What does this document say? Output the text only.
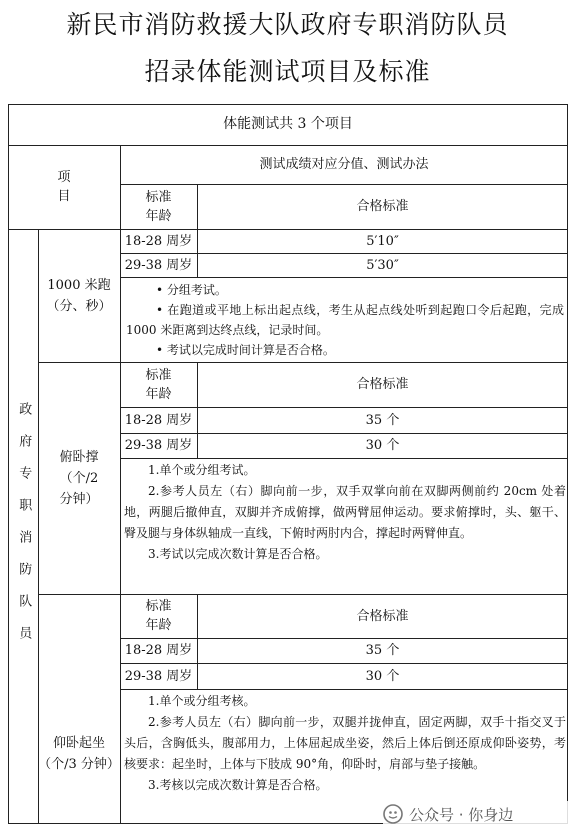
新民市消防救援大队政府专职消防队员
招录体能测试项目及标准
体能测试共 3 个项目
项
目
测试成绩对应分值、测试办法
标准
年龄
合格标准
政府专职消防队员
1000 米跑
（分、秒）
18-28 周岁	5′10″
29-38 周岁	5′30″

• 分组考试。

• 在跑道或平地上标出起点线，考生从起点线处听到起跑口令后起跑，完成1000 米距离到达终点线，记录时间。

• 考试以完成时间计算是否合格。

俯卧撑
（个/2 分钟）
标准
年龄
合格标准
18-28 周岁	35 个
29-38 周岁	30 个

1.单个或分组考试。

2.参考人员左（右）脚向前一步，双手双掌向前在双脚两侧前约 20cm 处着地，两腿后撤伸直，双脚并齐成俯撑，做两臂屈伸运动。要求俯撑时，头、躯干、臀及腿与身体纵轴成一直线，下俯时两肘内合，撑起时两臂伸直。

3.考试以完成次数计算是否合格。

仰卧起坐
（个/3 分钟）
标准
年龄
合格标准
18-28 周岁	35 个
29-38 周岁	30 个

1.单个或分组考核。

2.参考人员左（右）脚向前一步，双腿并拢伸直，固定两脚，双手十指交叉于头后，含胸低头，腹部用力，上体屈起成坐姿，然后上体后倒还原成仰卧姿势，考核要求：起坐时，上体与下肢成 90°角，仰卧时，肩部与垫子接触。

3.考核以完成次数计算是否合格。

公众号 · 你身边
